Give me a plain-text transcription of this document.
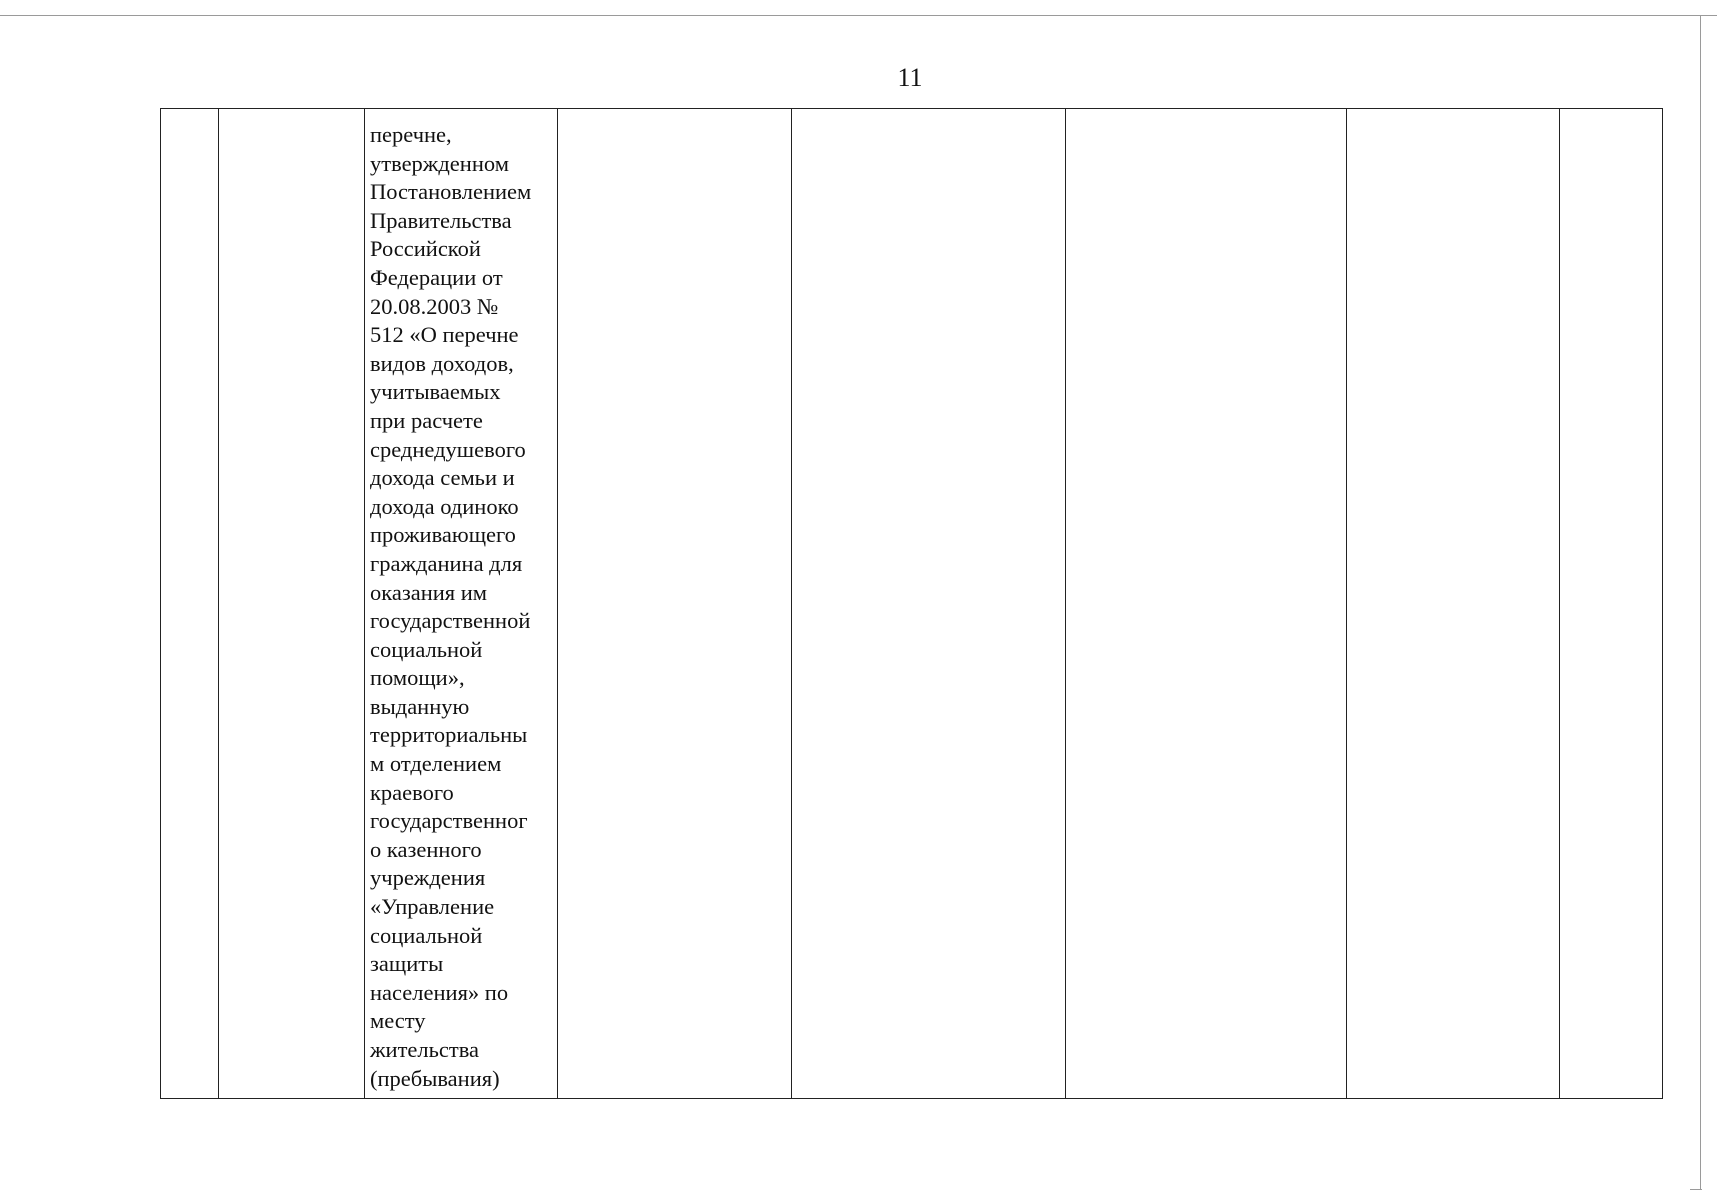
11

перечне,
утвержденном
Постановлением
Правительства
Российской
Федерации от
20.08.2003 №
512 «О перечне
видов доходов,
учитываемых
при расчете
среднедушевого
дохода семьи и
дохода одиноко
проживающего
гражданина для
оказания им
государственной
социальной
помощи»,
выданную
территориальны
м отделением
краевого
государственног
о казенного
учреждения
«Управление
социальной
защиты
населения» по
месту
жительства
(пребывания)
